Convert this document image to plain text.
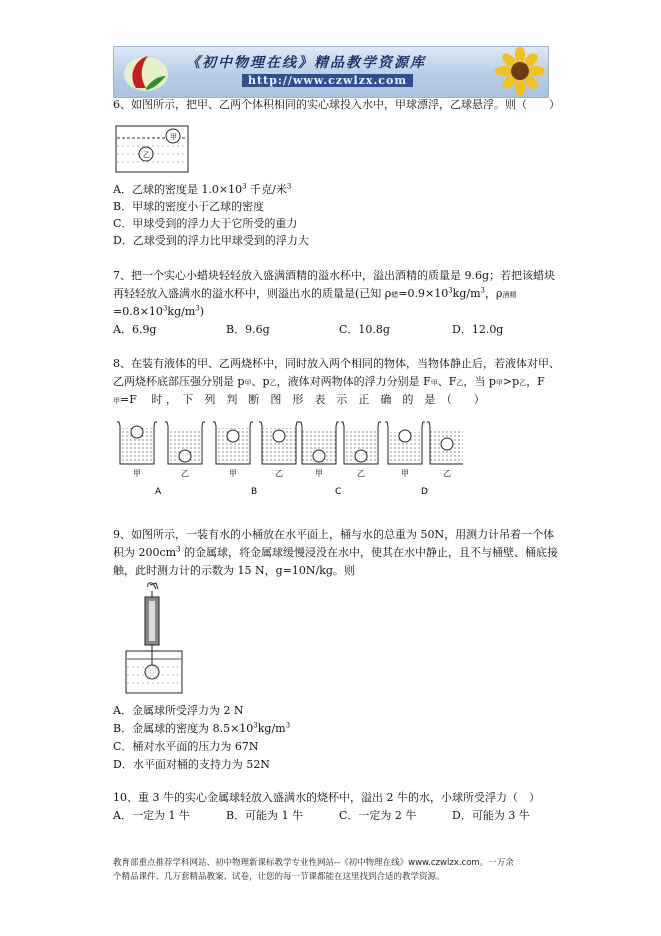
《初中物理在线》精品教学资源库
http://www.czwlzx.com
6、如图所示，把甲、乙两个体积相同的实心球投入水中，甲球漂浮，乙球悬浮。则（　　）
甲
乙
A．乙球的密度是 $1.0\times 10^3$ 千克/米$^3$
B．甲球的密度小于乙球的密度
C．甲球受到的浮力大于它所受的重力
D．乙球受到的浮力比甲球受到的浮力大
7、把一个实心小蜡块轻轻放入盛满酒精的溢水杯中，溢出酒精的质量是 9.6g；若把该蜡块
再轻轻放入盛满水的溢水杯中，则溢出水的质量是(已知 ρ蜡$=0.9\times 10^3kg/m^3$，ρ酒精
$=0.8\times 10^3kg/m^3$)
A．6.9g	B．9.6g	C．10.8g	D．12.0g
8、在装有液体的甲、乙两烧杯中，同时放入两个相同的物体，当物体静止后，若液体对甲、
乙两烧杯底部压强分别是 p甲、p乙，液体对两物体的浮力分别是 F甲、F乙，当 p甲>p乙，F
甲=F　 时 ，　下　列　判　断　图　形　表　示　正　确　的　是　（　　）
甲	乙	甲	乙	甲	乙	甲	乙
A	B	C	D
9、如图所示，一装有水的小桶放在水平面上，桶与水的总重为 50N，用测力计吊着一个体
积为 $200cm^3$ 的金属球，将金属球缓慢浸没在水中，使其在水中静止，且不与桶壁、桶底接
触，此时测力计的示数为 15 N，g=10N/kg。则
A．金属球所受浮力为 2 N
B．金属球的密度为 $8.5\times 10^3kg/m^3$
C．桶对水平面的压力为 67N
D．水平面对桶的支持力为 52N
10、重 3 牛的实心金属球轻放入盛满水的烧杯中，溢出 2 牛的水，小球所受浮力（　）
A．一定为 1 牛	B．可能为 1 牛	C．一定为 2 牛	D．可能为 3 牛
教育部重点推荐学科网站、初中物理新课标教学专业性网站--《初中物理在线》www.czwlzx.com。一万余
个精品课件、几万套精品教案、试卷，让您的每一节课都能在这里找到合适的教学资源。
